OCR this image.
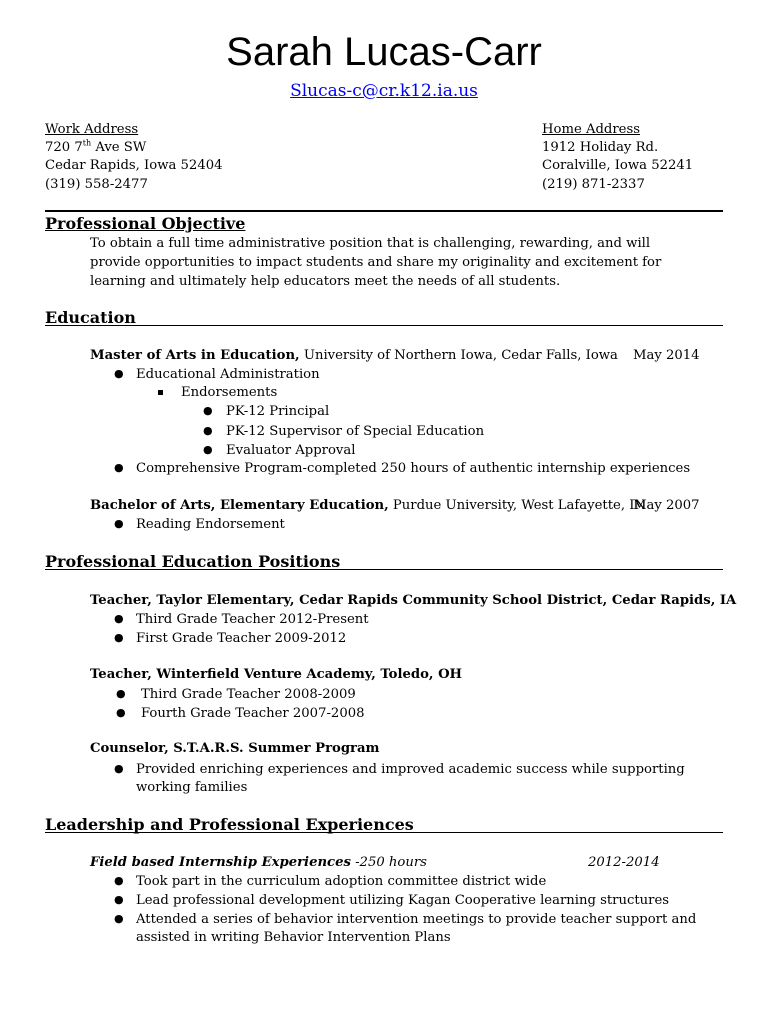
Sarah Lucas-Carr
Slucas-c@cr.k12.ia.us
Work Address
720 7th Ave SW
Cedar Rapids, Iowa 52404
(319) 558-2477
Home Address
1912 Holiday Rd.
Coralville, Iowa 52241
(219) 871-2337
Professional Objective
To obtain a full time administrative position that is challenging, rewarding, and will provide opportunities to impact students and share my originality and excitement for learning and ultimately help educators meet the needs of all students.
Education
Master of Arts in Education, University of Northern Iowa, Cedar Falls, Iowa May 2014
● Educational Administration
Endorsements
● PK-12 Principal
● PK-12 Supervisor of Special Education
● Evaluator Approval
● Comprehensive Program-completed 250 hours of authentic internship experiences
Bachelor of Arts, Elementary Education, Purdue University, West Lafayette, IN
May 2007
● Reading Endorsement
Professional Education Positions
Teacher, Taylor Elementary, Cedar Rapids Community School District, Cedar Rapids, IA
● Third Grade Teacher 2012-Present
● First Grade Teacher 2009-2012
Teacher, Winterfield Venture Academy, Toledo, OH
● Third Grade Teacher 2008-2009
● Fourth Grade Teacher 2007-2008
Counselor, S.T.A.R.S. Summer Program
● Provided enriching experiences and improved academic success while supporting working families
Leadership and Professional Experiences
Field based Internship Experiences -250 hours	2012-2014
● Took part in the curriculum adoption committee district wide
● Lead professional development utilizing Kagan Cooperative learning structures
● Attended a series of behavior intervention meetings to provide teacher support and assisted in writing Behavior Intervention Plans
